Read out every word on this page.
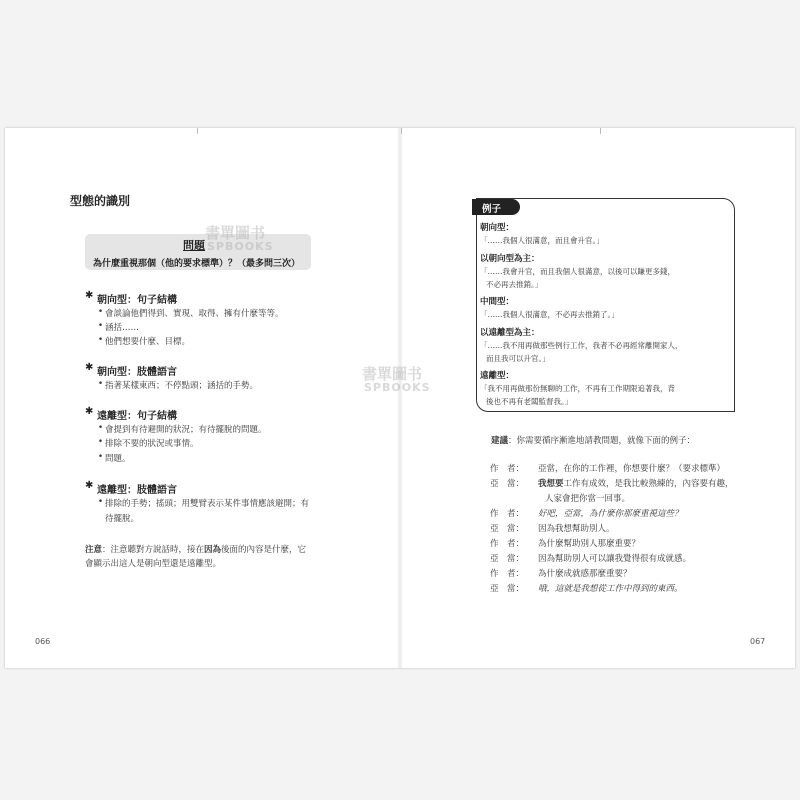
型態的識別
問題
為什麼重視那個（他的要求標準）？（最多問三次）
✱ 朝向型：句子結構
• 會談論他們得到、實現、取得、擁有什麼等等。
• 涵括……
• 他們想要什麼、目標。
✱ 朝向型：肢體語言
• 指著某樣東西；不停點頭；涵括的手勢。
✱ 遠離型：句子結構
• 會提到有待避開的狀況；有待擺脫的問題。
• 排除不要的狀況或事情。
• 問題。
✱ 遠離型：肢體語言
• 排除的手勢；搖頭；用雙臂表示某件事情應該避開；有
待擺脫。
注意：注意聽對方說話時，接在因為後面的內容是什麼，它
會顯示出這人是朝向型還是遠離型。
066
例子
朝向型：
「……我個人很滿意，而且會升官。」
以朝向型為主：
「……我會升官，而且我個人很滿意，以後可以賺更多錢，
不必再去推銷。」
中間型：
「……我個人很滿意，不必再去推銷了。」
以遠離型為主：
「……我不用再做那些例行工作，我者不必再經常離開家人，
而且我可以升官。」
遠離型：
「我不用再做那份無聊的工作，不再有工作期限追著我，背
後也不再有老闆監督我。」
建議：你需要循序漸進地請教問題，就像下面的例子：
作　者： 亞當，在你的工作裡，你想要什麼？（要求標準）
亞　當： 我想要工作有成效，是我比較熟練的，內容要有趣，
人家會把你當一回事。
作　者： 好吧，亞當，為什麼你那麼重視這些？
亞　當： 因為我想幫助別人。
作　者： 為什麼幫助別人那麼重要？
亞　當： 因為幫助別人可以讓我覺得很有成就感。
作　者： 為什麼成就感那麼重要？
亞　當： 哦，這就是我想從工作中得到的東西。
067
書單圖书
SPBOOKS
書單圖书
SPBOOKS
